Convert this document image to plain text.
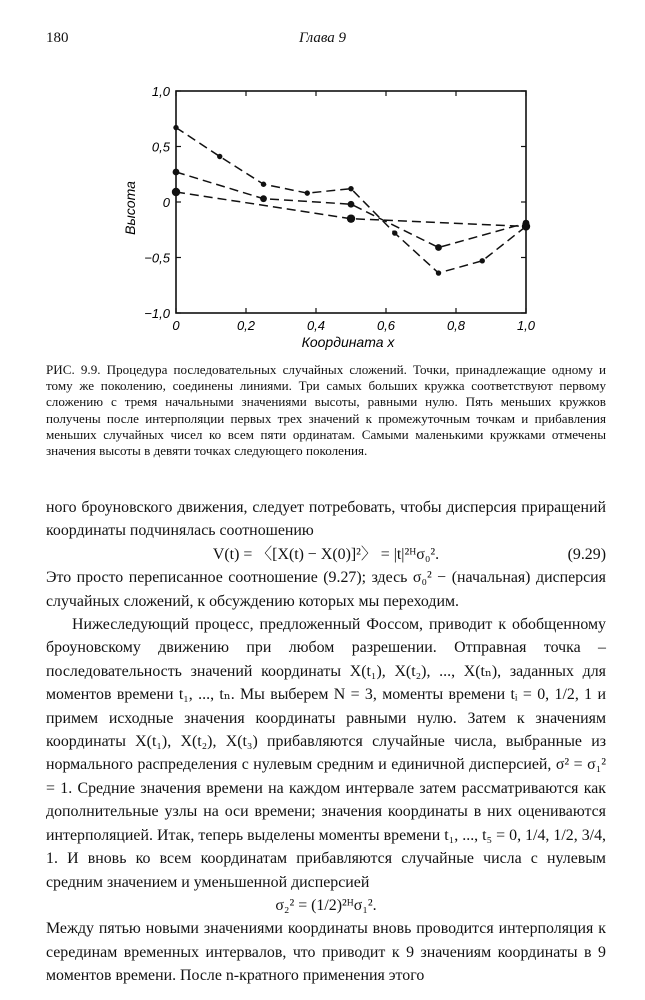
180	Глава 9
0	0,2	0,4	0,6	0,8	1,0
1,0
0,5
0
−0,5
−1,0
Координата x
Высота
РИС. 9.9. Процедура последовательных случайных сложений. Точки, принадлежащие одному и тому же поколению, соединены линиями. Три самых больших кружка соответствуют первому сложению с тремя начальными значениями высоты, равными нулю. Пять меньших кружков получены после интерполяции первых трех значений к промежуточным точкам и прибавления меньших случайных чисел ко всем пяти ординатам. Самыми маленькими кружками отмечены значения высоты в девяти точках следующего поколения.

ного броуновского движения, следует потребовать, чтобы дисперсия приращений координаты подчинялась соотношению

V(t) = 〈[X(t) − X(0)]²〉 = |t|²ᴴσ₀².	(9.29)

Это просто переписанное соотношение (9.27); здесь σ₀² − (начальная) дисперсия случайных сложений, к обсуждению которых мы переходим.

Нижеследующий процесс, предложенный Фоссом, приводит к обобщенному броуновскому движению при любом разрешении. Отправная точка – последовательность значений координаты X(t₁), X(t₂), ..., X(tₙ), заданных для моментов времени t₁, ..., tₙ. Мы выберем N = 3, моменты времени tᵢ = 0, 1/2, 1 и примем исходные значения координаты равными нулю. Затем к значениям координаты X(t₁), X(t₂), X(t₃) прибавляются случайные числа, выбранные из нормального распределения с нулевым средним и единичной дисперсией, σ² = σ₁² = 1. Средние значения времени на каждом интервале затем рассматриваются как дополнительные узлы на оси времени; значения координаты в них оцениваются интерполяцией. Итак, теперь выделены моменты времени t₁, ..., t₅ = 0, 1/4, 1/2, 3/4, 1. И вновь ко всем координатам прибавляются случайные числа с нулевым средним значением и уменьшенной дисперсией

σ₂² = (1/2)²ᴴσ₁².

Между пятью новыми значениями координаты вновь проводится интерполяция к серединам временных интервалов, что приводит к 9 значениям координаты в 9 моментов времени. После n-кратного применения этого
